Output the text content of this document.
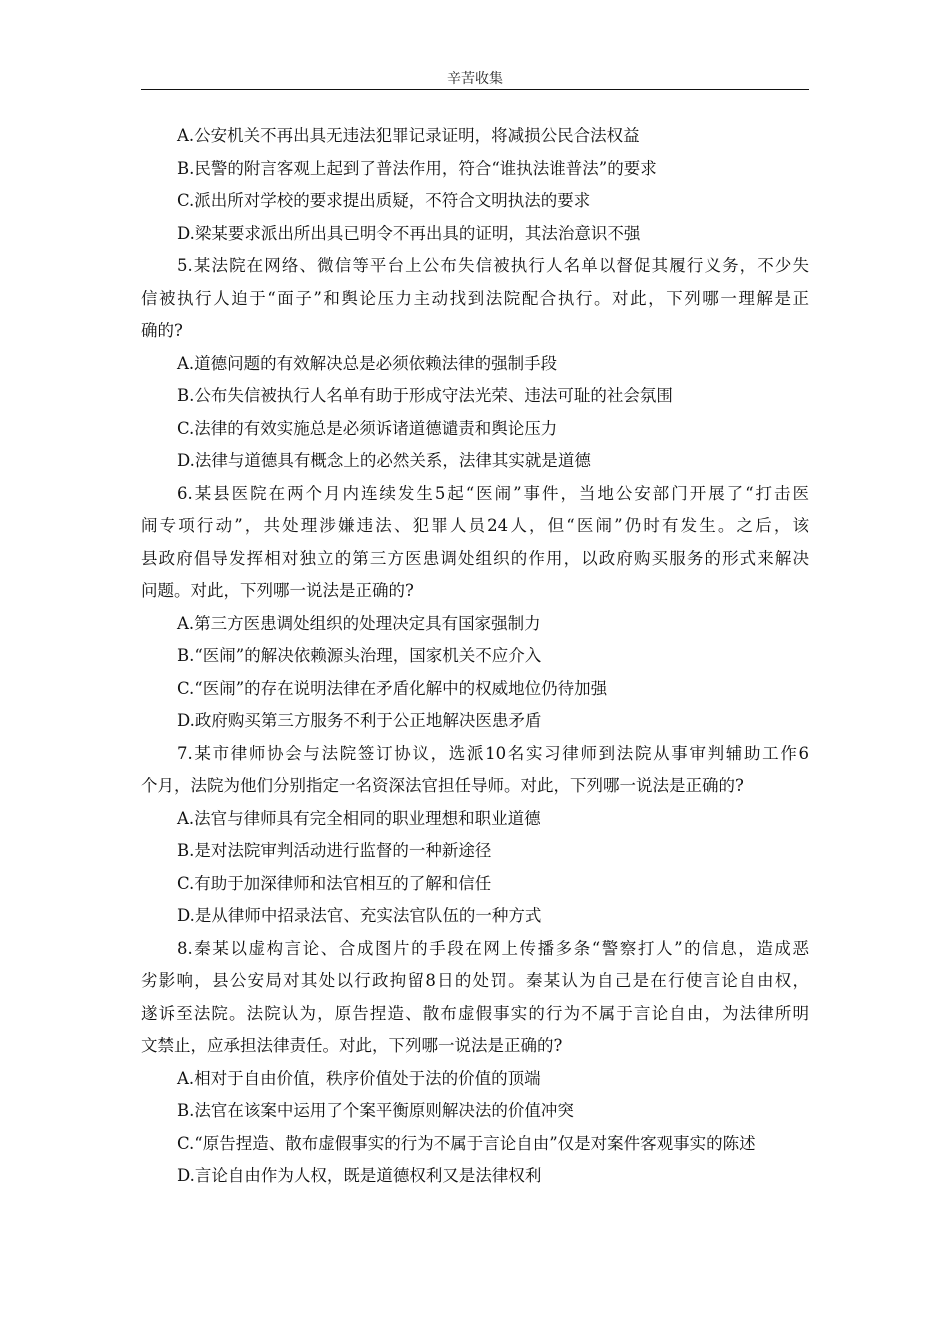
辛苦收集
A.公安机关不再出具无违法犯罪记录证明，将减损公民合法权益
B.民警的附言客观上起到了普法作用，符合“谁执法谁普法”的要求
C.派出所对学校的要求提出质疑，不符合文明执法的要求
D.梁某要求派出所出具已明令不再出具的证明，其法治意识不强
5.某法院在网络、微信等平台上公布失信被执行人名单以督促其履行义务，不少失
信被执行人迫于“面子”和舆论压力主动找到法院配合执行。对此，下列哪一理解是正
确的?
A.道德问题的有效解决总是必须依赖法律的强制手段
B.公布失信被执行人名单有助于形成守法光荣、违法可耻的社会氛围
C.法律的有效实施总是必须诉诸道德谴责和舆论压力
D.法律与道德具有概念上的必然关系，法律其实就是道德
6.某县医院在两个月内连续发生5起“医闹”事件，当地公安部门开展了“打击医
闹专项行动”，共处理涉嫌违法、犯罪人员24人，但“医闹”仍时有发生。之后，该
县政府倡导发挥相对独立的第三方医患调处组织的作用，以政府购买服务的形式来解决
问题。对此，下列哪一说法是正确的?
A.第三方医患调处组织的处理决定具有国家强制力
B.“医闹”的解决依赖源头治理，国家机关不应介入
C.“医闹”的存在说明法律在矛盾化解中的权威地位仍待加强
D.政府购买第三方服务不利于公正地解决医患矛盾
7.某市律师协会与法院签订协议，选派10名实习律师到法院从事审判辅助工作6
个月，法院为他们分别指定一名资深法官担任导师。对此，下列哪一说法是正确的?
A.法官与律师具有完全相同的职业理想和职业道德
B.是对法院审判活动进行监督的一种新途径
C.有助于加深律师和法官相互的了解和信任
D.是从律师中招录法官、充实法官队伍的一种方式
8.秦某以虚构言论、合成图片的手段在网上传播多条“警察打人”的信息，造成恶
劣影响，县公安局对其处以行政拘留8日的处罚。秦某认为自己是在行使言论自由权，
遂诉至法院。法院认为，原告捏造、散布虚假事实的行为不属于言论自由，为法律所明
文禁止，应承担法律责任。对此，下列哪一说法是正确的?
A.相对于自由价值，秩序价值处于法的价值的顶端
B.法官在该案中运用了个案平衡原则解决法的价值冲突
C.“原告捏造、散布虚假事实的行为不属于言论自由”仅是对案件客观事实的陈述
D.言论自由作为人权，既是道德权利又是法律权利
